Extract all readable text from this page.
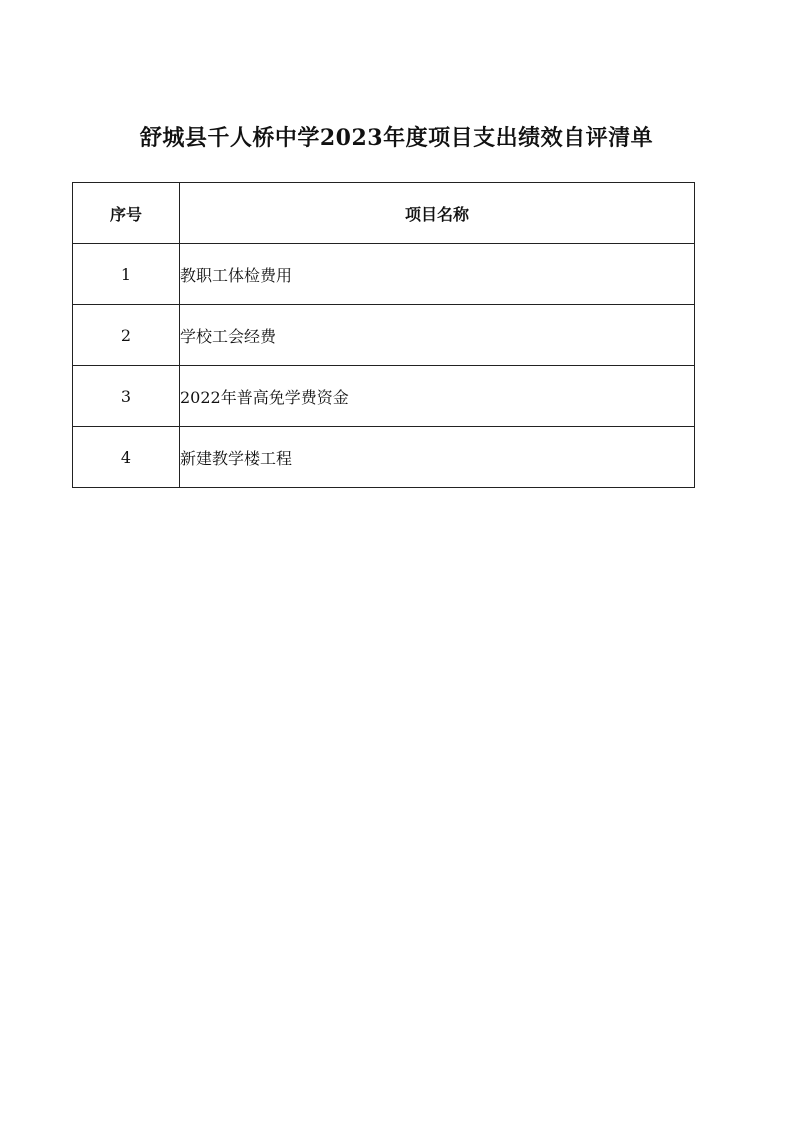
舒城县千人桥中学2023年度项目支出绩效自评清单
序号	项目名称
1	教职工体检费用
2	学校工会经费
3	2022年普高免学费资金
4	新建教学楼工程
